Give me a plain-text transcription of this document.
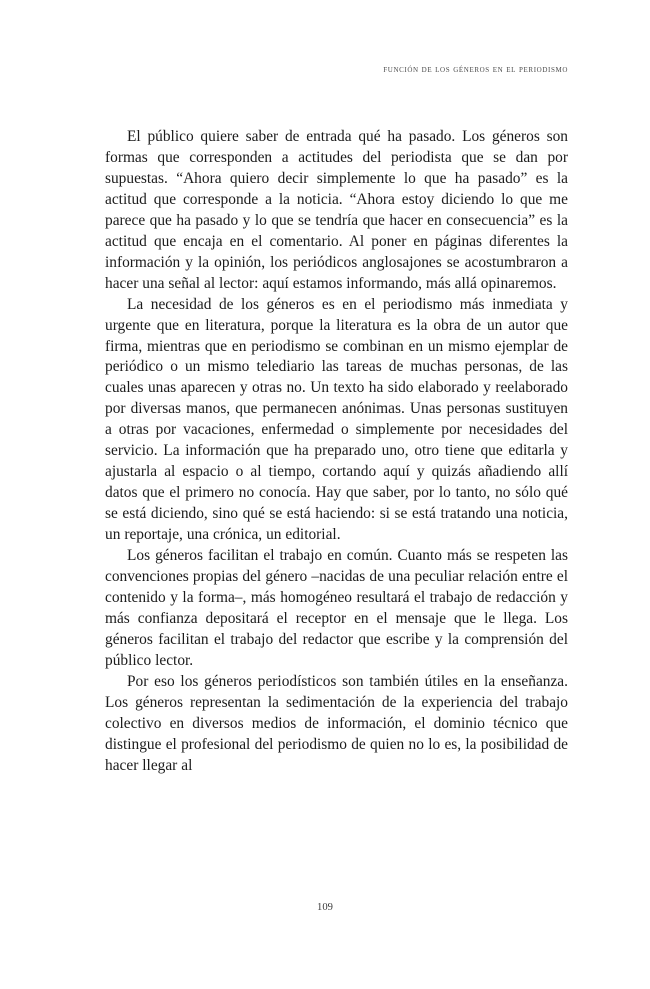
función de los géneros en el periodismo

El público quiere saber de entrada qué ha pasado. Los géneros son formas que corresponden a actitudes del periodista que se dan por supuestas. “Ahora quiero decir simplemente lo que ha pasado” es la actitud que corresponde a la noticia. “Ahora estoy diciendo lo que me parece que ha pasado y lo que se tendría que hacer en consecuencia” es la actitud que encaja en el comentario. Al poner en páginas diferentes la información y la opinión, los periódicos anglosajones se acostumbraron a hacer una señal al lector: aquí estamos informando, más allá opinaremos.

La necesidad de los géneros es en el periodismo más inmediata y urgente que en literatura, porque la literatura es la obra de un autor que firma, mientras que en periodismo se combinan en un mismo ejemplar de periódico o un mismo telediario las tareas de muchas personas, de las cuales unas aparecen y otras no. Un texto ha sido elaborado y reelaborado por diversas manos, que permanecen anónimas. Unas personas sustituyen a otras por vacaciones, enfermedad o simplemente por necesidades del servicio. La información que ha preparado uno, otro tiene que editarla y ajustarla al espacio o al tiempo, cortando aquí y quizás añadiendo allí datos que el primero no conocía. Hay que saber, por lo tanto, no sólo qué se está diciendo, sino qué se está haciendo: si se está tratando una noticia, un reportaje, una crónica, un editorial.

Los géneros facilitan el trabajo en común. Cuanto más se respeten las convenciones propias del género –nacidas de una peculiar relación entre el contenido y la forma–, más homogéneo resultará el trabajo de redacción y más confianza depositará el receptor en el mensaje que le llega. Los géneros facilitan el trabajo del redactor que escribe y la comprensión del público lector.

Por eso los géneros periodísticos son también útiles en la enseñanza. Los géneros representan la sedimentación de la experiencia del trabajo colectivo en diversos medios de información, el dominio técnico que distingue el profesional del periodismo de quien no lo es, la posibilidad de hacer llegar al

109
